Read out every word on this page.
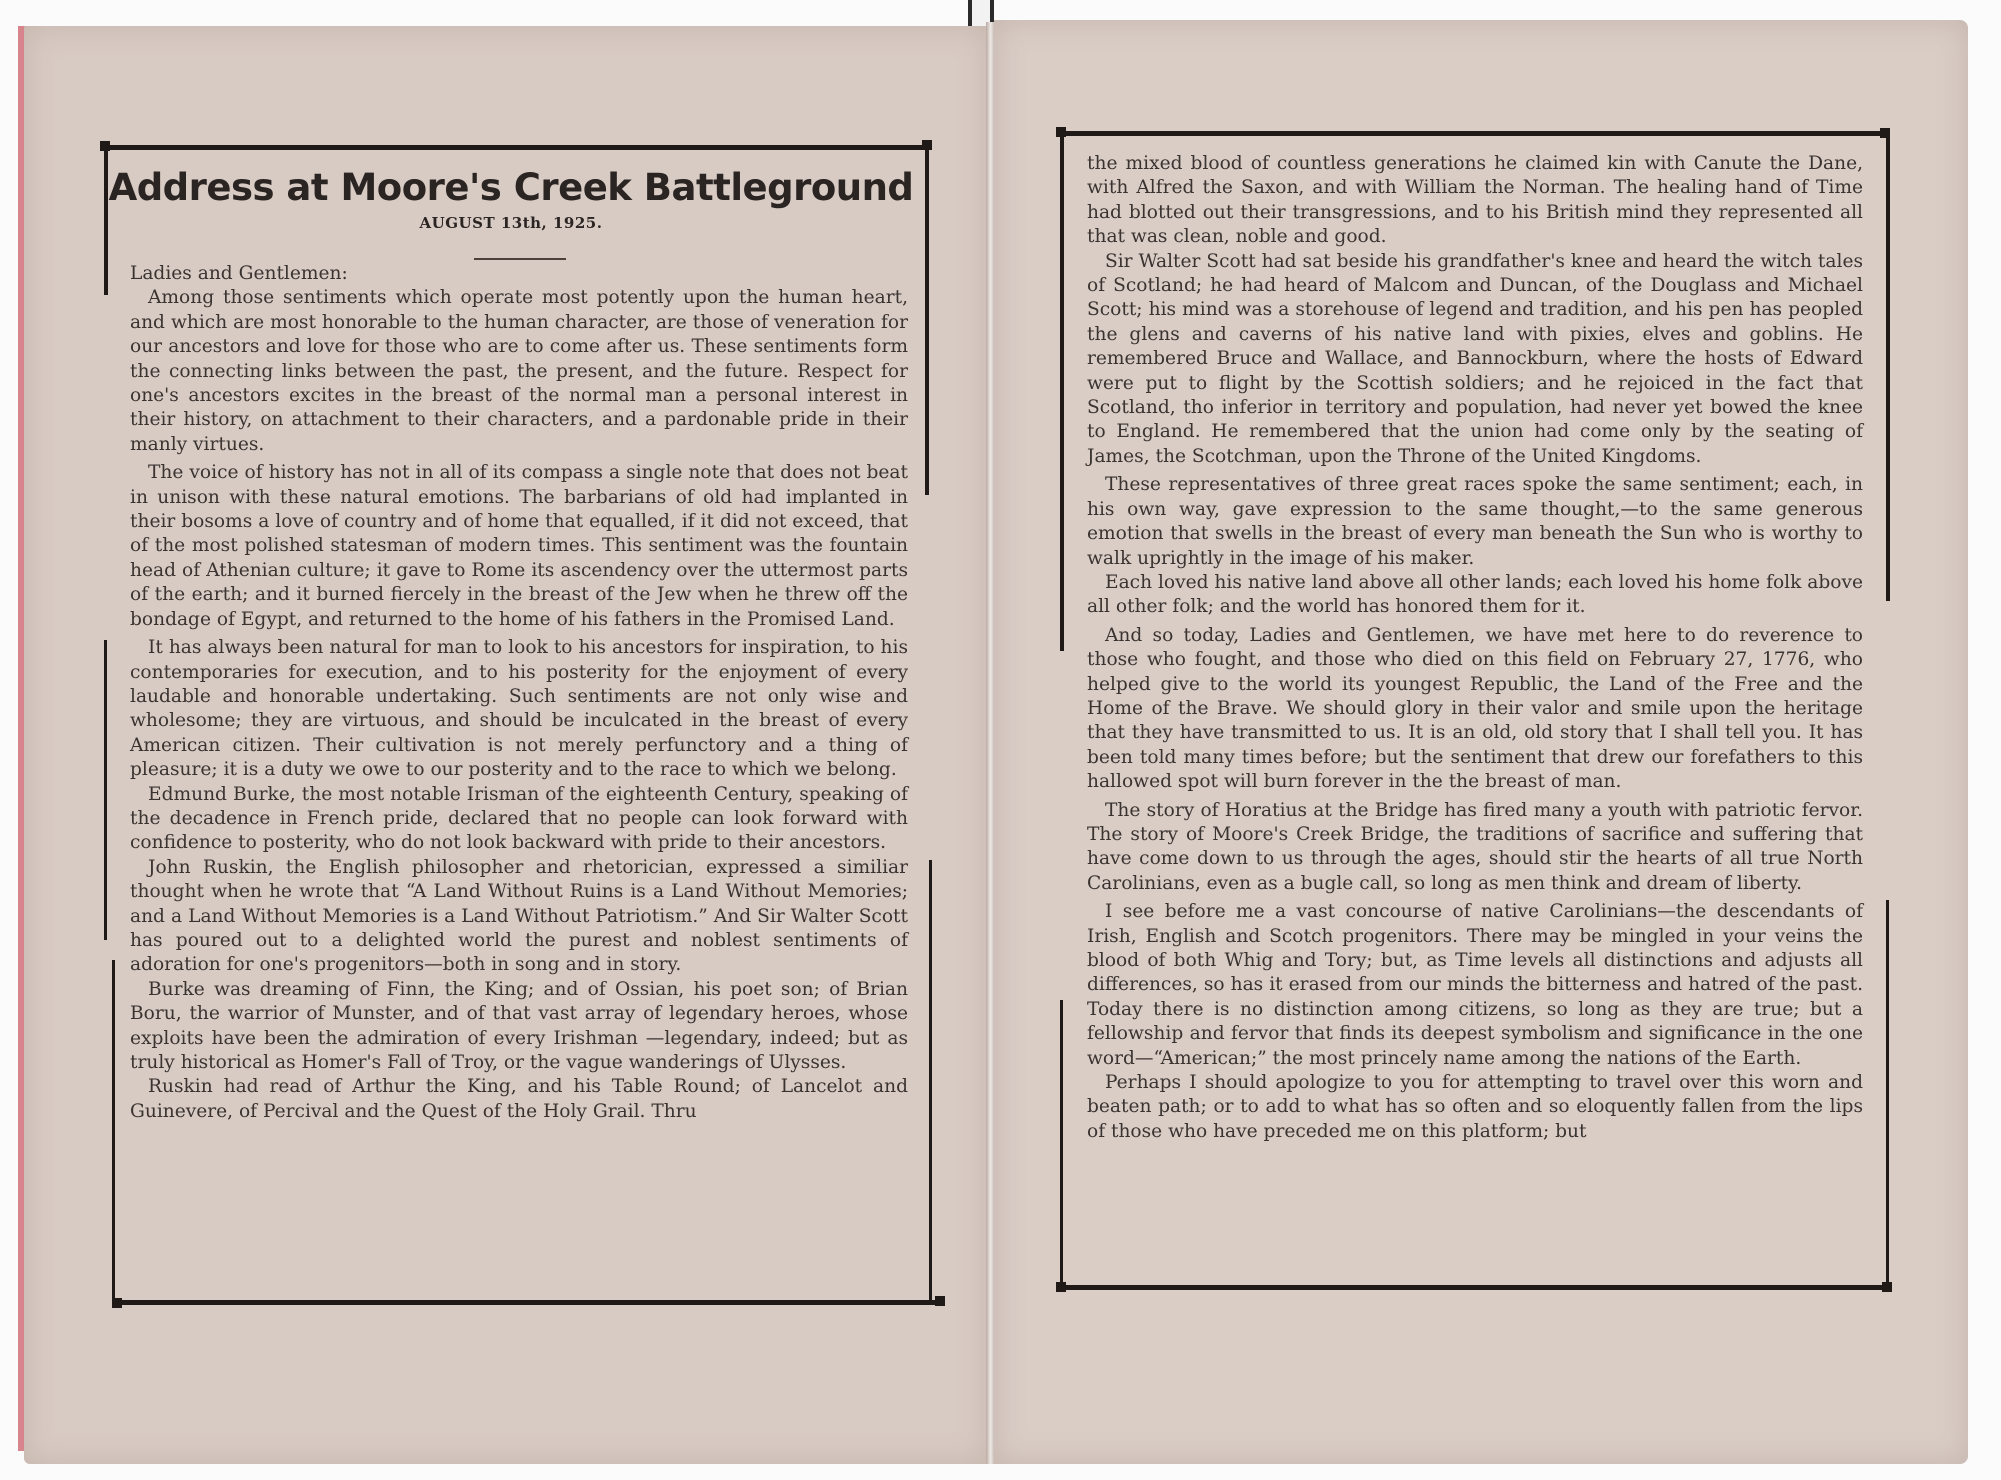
Address at Moore's Creek Battleground
AUGUST 13th, 1925.

Ladies and Gentlemen:

Among those sentiments which operate most potently upon the human heart, and which are most honorable to the human character, are those of veneration for our ancestors and love for those who are to come after us. These sentiments form the connecting links between the past, the present, and the future. Respect for one's ancestors excites in the breast of the normal man a personal interest in their history, on attachment to their characters, and a pardonable pride in their manly virtues.

The voice of history has not in all of its compass a single note that does not beat in unison with these natural emotions. The barbarians of old had implanted in their bosoms a love of country and of home that equalled, if it did not exceed, that of the most polished statesman of modern times. This sentiment was the fountain head of Athenian culture; it gave to Rome its ascendency over the uttermost parts of the earth; and it burned fiercely in the breast of the Jew when he threw off the bondage of Egypt, and returned to the home of his fathers in the Promised Land.

It has always been natural for man to look to his ancestors for inspiration, to his contemporaries for execution, and to his posterity for the enjoyment of every laudable and honorable undertaking. Such sentiments are not only wise and wholesome; they are virtuous, and should be inculcated in the breast of every American citizen. Their cultivation is not merely perfunctory and a thing of pleasure; it is a duty we owe to our posterity and to the race to which we belong.

Edmund Burke, the most notable Irisman of the eighteenth Century, speaking of the decadence in French pride, declared that no people can look forward with confidence to posterity, who do not look backward with pride to their ancestors.

John Ruskin, the English philosopher and rhetorician, expressed a similiar thought when he wrote that “A Land Without Ruins is a Land Without Memories; and a Land Without Memories is a Land Without Patriotism.” And Sir Walter Scott has poured out to a delighted world the purest and noblest sentiments of adoration for one's progenitors—both in song and in story.

Burke was dreaming of Finn, the King; and of Ossian, his poet son; of Brian Boru, the warrior of Munster, and of that vast array of legendary heroes, whose exploits have been the admiration of every Irishman —legendary, indeed; but as truly historical as Homer's Fall of Troy, or the vague wanderings of Ulysses.

Ruskin had read of Arthur the King, and his Table Round; of Lancelot and Guinevere, of Percival and the Quest of the Holy Grail. Thru

the mixed blood of countless generations he claimed kin with Canute the Dane, with Alfred the Saxon, and with William the Norman. The healing hand of Time had blotted out their transgressions, and to his British mind they represented all that was clean, noble and good.

Sir Walter Scott had sat beside his grandfather's knee and heard the witch tales of Scotland; he had heard of Malcom and Duncan, of the Douglass and Michael Scott; his mind was a storehouse of legend and tradition, and his pen has peopled the glens and caverns of his native land with pixies, elves and goblins. He remembered Bruce and Wallace, and Bannockburn, where the hosts of Edward were put to flight by the Scottish soldiers; and he rejoiced in the fact that Scotland, tho inferior in territory and population, had never yet bowed the knee to England. He remembered that the union had come only by the seating of James, the Scotchman, upon the Throne of the United Kingdoms.

These representatives of three great races spoke the same sentiment; each, in his own way, gave expression to the same thought,—to the same generous emotion that swells in the breast of every man beneath the Sun who is worthy to walk uprightly in the image of his maker.

Each loved his native land above all other lands; each loved his home folk above all other folk; and the world has honored them for it.

And so today, Ladies and Gentlemen, we have met here to do reverence to those who fought, and those who died on this field on February 27, 1776, who helped give to the world its youngest Republic, the Land of the Free and the Home of the Brave. We should glory in their valor and smile upon the heritage that they have transmitted to us. It is an old, old story that I shall tell you. It has been told many times before; but the sentiment that drew our forefathers to this hallowed spot will burn forever in the the breast of man.

The story of Horatius at the Bridge has fired many a youth with patriotic fervor. The story of Moore's Creek Bridge, the traditions of sacrifice and suffering that have come down to us through the ages, should stir the hearts of all true North Carolinians, even as a bugle call, so long as men think and dream of liberty.

I see before me a vast concourse of native Carolinians—the descendants of Irish, English and Scotch progenitors. There may be mingled in your veins the blood of both Whig and Tory; but, as Time levels all distinctions and adjusts all differences, so has it erased from our minds the bitterness and hatred of the past. Today there is no distinction among citizens, so long as they are true; but a fellowship and fervor that finds its deepest symbolism and significance in the one word—“American;” the most princely name among the nations of the Earth.

Perhaps I should apologize to you for attempting to travel over this worn and beaten path; or to add to what has so often and so eloquently fallen from the lips of those who have preceded me on this platform; but
